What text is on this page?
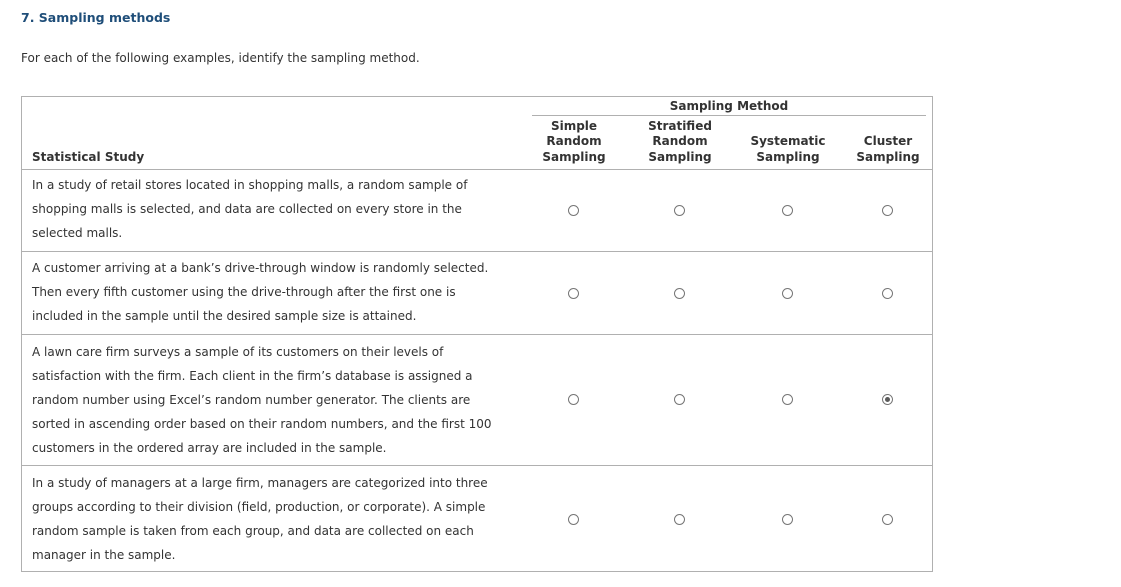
7. Sampling methods
For each of the following examples, identify the sampling method.
Sampling Method
Statistical Study
Simple
Random
Sampling
Stratified
Random
Sampling
Systematic
Sampling
Cluster
Sampling
In a study of retail stores located in shopping malls, a random sample of shopping malls is selected, and data are collected on every store in the selected malls.
A customer arriving at a bank’s drive-through window is randomly selected. Then every fifth customer using the drive-through after the first one is included in the sample until the desired sample size is attained.
A lawn care firm surveys a sample of its customers on their levels of satisfaction with the firm. Each client in the firm’s database is assigned a random number using Excel’s random number generator. The clients are sorted in ascending order based on their random numbers, and the first 100 customers in the ordered array are included in the sample.
In a study of managers at a large firm, managers are categorized into three groups according to their division (field, production, or corporate). A simple random sample is taken from each group, and data are collected on each manager in the sample.
